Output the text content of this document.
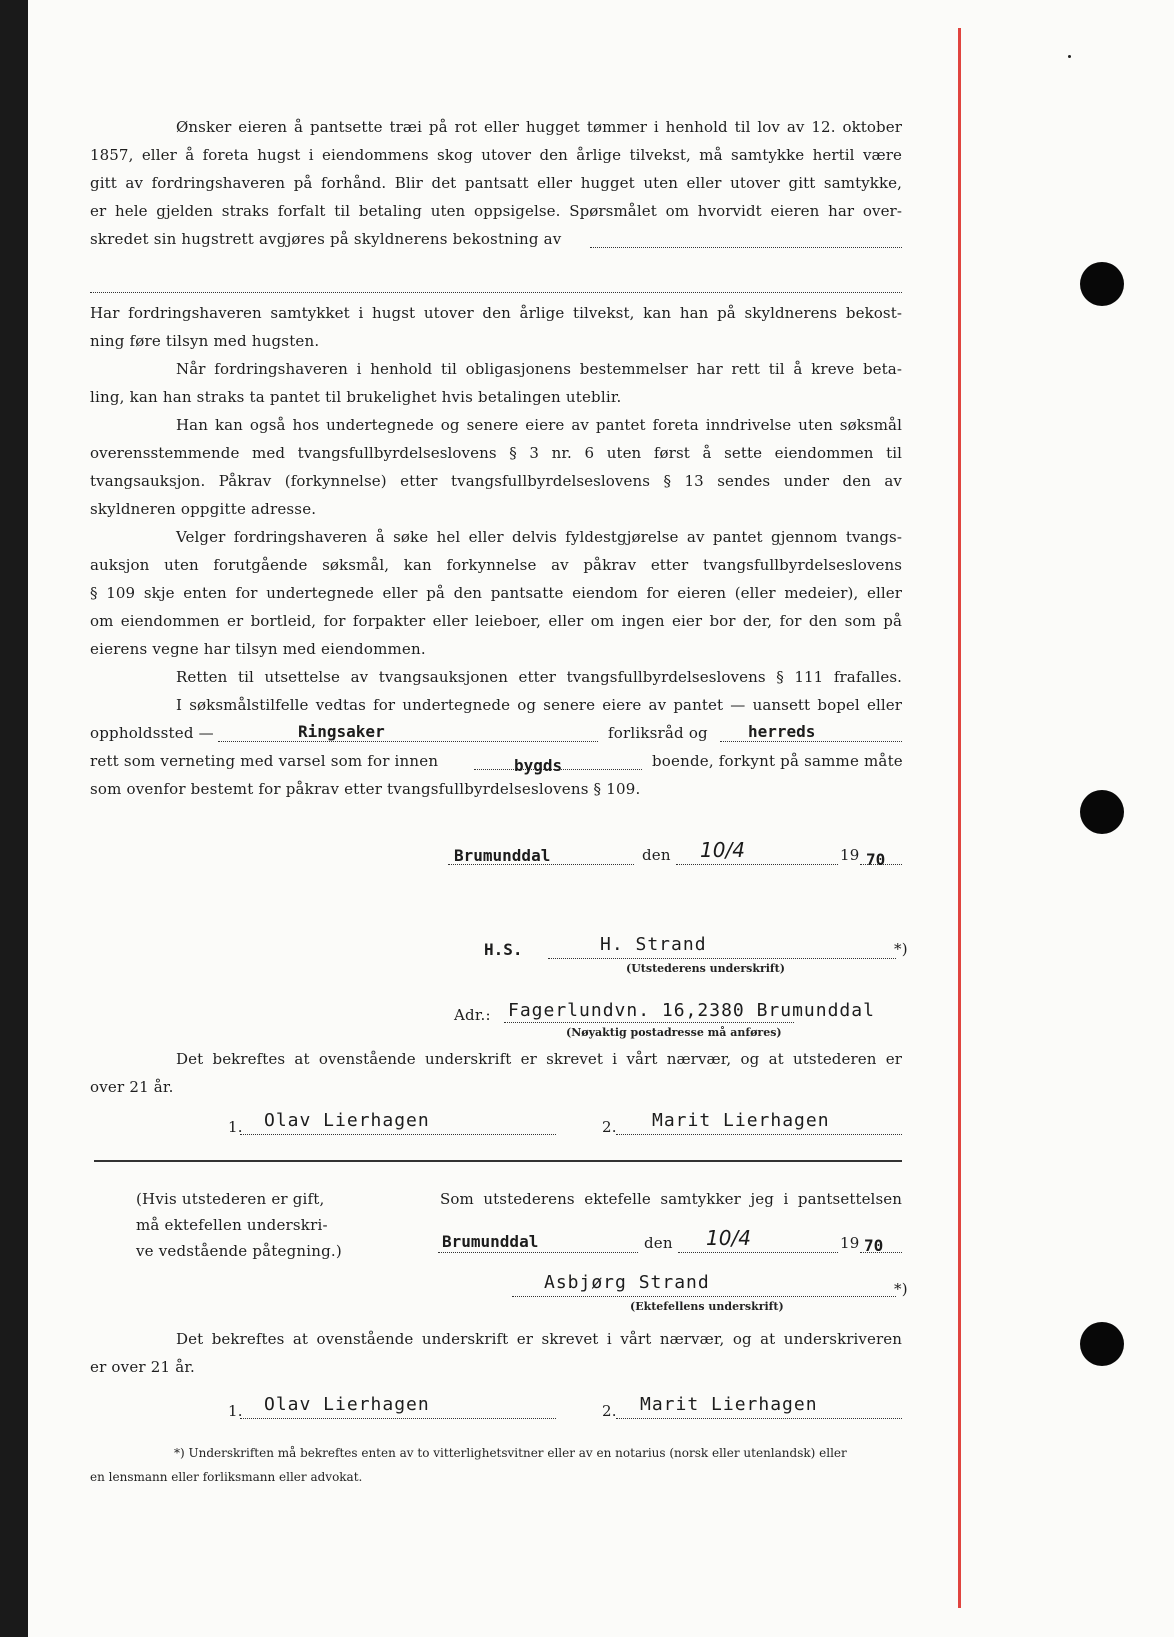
Ønsker eieren å pantsette træi på rot eller hugget tømmer i henhold til lov av 12. oktober
1857, eller å foreta hugst i eiendommens skog utover den årlige tilvekst, må samtykke hertil være
gitt av fordringshaveren på forhånd. Blir det pantsatt eller hugget uten eller utover gitt samtykke,
er hele gjelden straks forfalt til betaling uten oppsigelse. Spørsmålet om hvorvidt eieren har over-
skredet sin hugstrett avgjøres på skyldnerens bekostning av
Har fordringshaveren samtykket i hugst utover den årlige tilvekst, kan han på skyldnerens bekost-
ning føre tilsyn med hugsten.
Når fordringshaveren i henhold til obligasjonens bestemmelser har rett til å kreve beta-
ling, kan han straks ta pantet til brukelighet hvis betalingen uteblir.
Han kan også hos undertegnede og senere eiere av pantet foreta inndrivelse uten søksmål
overensstemmende med tvangsfullbyrdelseslovens § 3 nr. 6 uten først å sette eiendommen til
tvangsauksjon. Påkrav (forkynnelse) etter tvangsfullbyrdelseslovens § 13 sendes under den av
skyldneren oppgitte adresse.
Velger fordringshaveren å søke hel eller delvis fyldestgjørelse av pantet gjennom tvangs-
auksjon uten forutgående søksmål, kan forkynnelse av påkrav etter tvangsfullbyrdelseslovens
§ 109 skje enten for undertegnede eller på den pantsatte eiendom for eieren (eller medeier), eller
om eiendommen er bortleid, for forpakter eller leieboer, eller om ingen eier bor der, for den som på
eierens vegne har tilsyn med eiendommen.
Retten til utsettelse av tvangsauksjonen etter tvangsfullbyrdelseslovens § 111 frafalles.
I søksmålstilfelle vedtas for undertegnede og senere eiere av pantet — uansett bopel eller
oppholdssted —	Ringsaker	forliksråd og	herreds
rett som verneting med varsel som for innen	bygds	boende, forkynt på samme måte
som ovenfor bestemt for påkrav etter tvangsfullbyrdelseslovens § 109.
Brumunddal	den 10/4	19 70
H.S.	H. Strand	*)
(Utstederens underskrift)
Adr.: Fagerlundvn. 16,2380 Brumunddal
(Nøyaktig postadresse må anføres)
Det bekreftes at ovenstående underskrift er skrevet i vårt nærvær, og at utstederen er
over 21 år.
1. Olav Lierhagen	2. Marit Lierhagen
(Hvis utstederen er gift,
må ektefellen underskri-
ve vedstående påtegning.)
Som utstederens ektefelle samtykker jeg i pantsettelsen
Brumunddal	den 10/4	19 70
Asbjørg Strand	*)
(Ektefellens underskrift)
Det bekreftes at ovenstående underskrift er skrevet i vårt nærvær, og at underskriveren
er over 21 år.
1. Olav Lierhagen	2. Marit Lierhagen
*) Underskriften må bekreftes enten av to vitterlighetsvitner eller av en notarius (norsk eller utenlandsk) eller
en lensmann eller forliksmann eller advokat.
